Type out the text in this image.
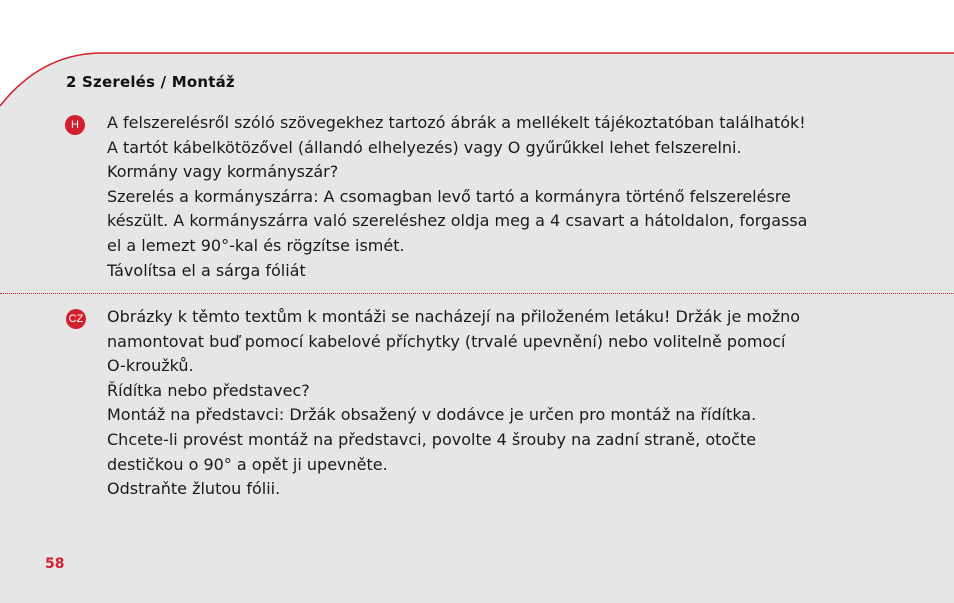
2 Szerelés / Montáž
H	A felszerelésről szóló szövegekhez tartozó ábrák a mellékelt tájékoztatóban találhatók!
A tartót kábelkötözővel (állandó elhelyezés) vagy O gyűrűkkel lehet felszerelni.
Kormány vagy kormányszár?
Szerelés a kormányszárra: A csomagban levő tartó a kormányra történő felszerelésre
készült. A kormányszárra való szereléshez oldja meg a 4 csavart a hátoldalon, forgassa
el a lemezt 90°-kal és rögzítse ismét.
Távolítsa el a sárga fóliát
CZ Obrázky k těmto textům k montáži se nacházejí na přiloženém letáku! Držák je možno
namontovat buď pomocí kabelové příchytky (trvalé upevnění) nebo volitelně pomocí
O-kroužků.
Řídítka nebo představec?
Montáž na představci: Držák obsažený v dodávce je určen pro montáž na řídítka.
Chcete-li provést montáž na představci, povolte 4 šrouby na zadní straně, otočte
destičkou o 90° a opět ji upevněte.
Odstraňte žlutou fólii.
58
